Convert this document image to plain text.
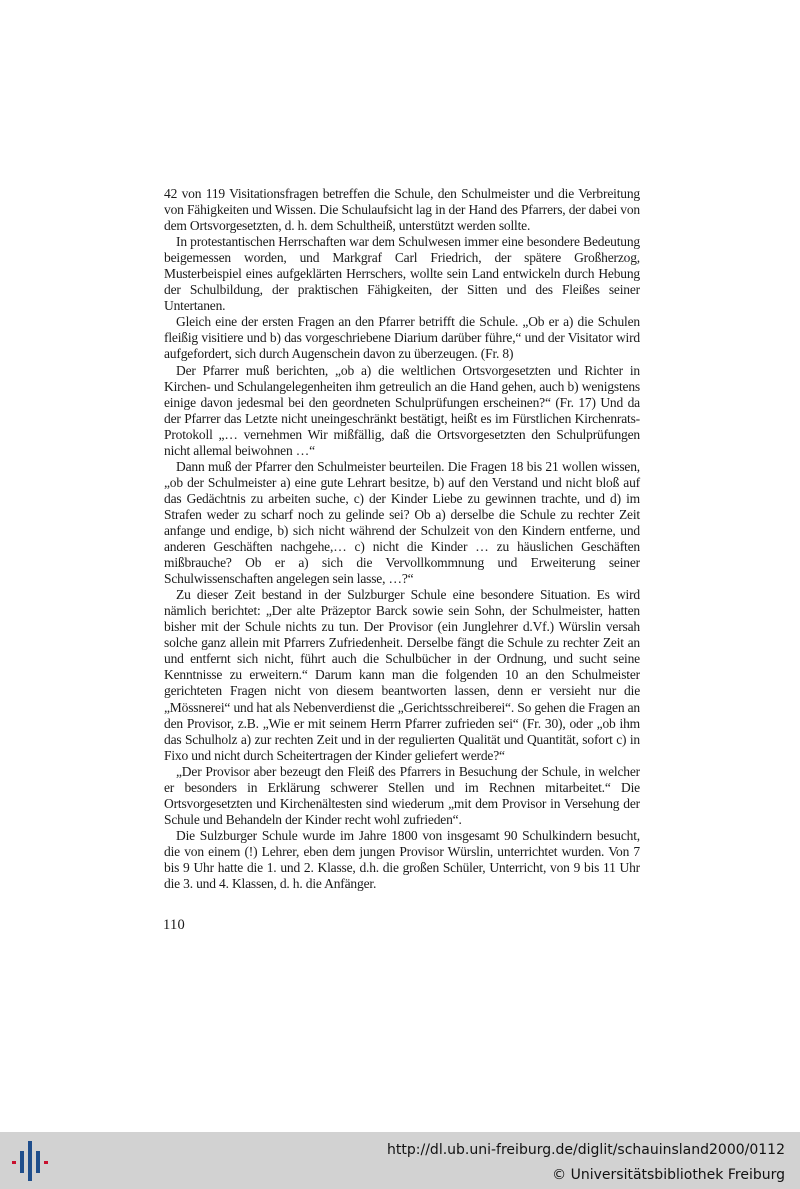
42 von 119 Visitationsfragen betreffen die Schule, den Schulmeister und die Verbreitung von Fähigkeiten und Wissen. Die Schulaufsicht lag in der Hand des Pfarrers, der dabei von dem Ortsvorgesetzten, d. h. dem Schultheiß, unterstützt werden sollte.

In protestantischen Herrschaften war dem Schulwesen immer eine besondere Bedeutung beigemessen worden, und Markgraf Carl Friedrich, der spätere Großherzog, Musterbeispiel eines aufgeklärten Herrschers, wollte sein Land entwickeln durch Hebung der Schulbildung, der praktischen Fähigkeiten, der Sitten und des Fleißes seiner Untertanen.

Gleich eine der ersten Fragen an den Pfarrer betrifft die Schule. „Ob er a) die Schulen fleißig visitiere und b) das vorgeschriebene Diarium darüber führe,“ und der Visitator wird aufgefordert, sich durch Augenschein davon zu überzeugen. (Fr. 8)

Der Pfarrer muß berichten, „ob a) die weltlichen Ortsvorgesetzten und Richter in Kirchen- und Schulangelegenheiten ihm getreulich an die Hand gehen, auch b) wenigstens einige davon jedesmal bei den geordneten Schulprüfungen erscheinen?“ (Fr. 17) Und da der Pfarrer das Letzte nicht uneingeschränkt bestätigt, heißt es im Fürstlichen Kirchenrats-Protokoll „… vernehmen Wir mißfällig, daß die Ortsvorgesetzten den Schulprüfungen nicht allemal beiwohnen …“

Dann muß der Pfarrer den Schulmeister beurteilen. Die Fragen 18 bis 21 wollen wissen, „ob der Schulmeister a) eine gute Lehrart besitze, b) auf den Verstand und nicht bloß auf das Gedächtnis zu arbeiten suche, c) der Kinder Liebe zu gewinnen trachte, und d) im Strafen weder zu scharf noch zu gelinde sei? Ob a) derselbe die Schule zu rechter Zeit anfange und endige, b) sich nicht während der Schulzeit von den Kindern entferne, und anderen Geschäften nachgehe,… c) nicht die Kinder … zu häuslichen Geschäften mißbrauche? Ob er a) sich die Vervollkommnung und Erweiterung seiner Schulwissenschaften angelegen sein lasse, …?“

Zu dieser Zeit bestand in der Sulzburger Schule eine besondere Situation. Es wird nämlich berichtet: „Der alte Präzeptor Barck sowie sein Sohn, der Schulmeister, hatten bisher mit der Schule nichts zu tun. Der Provisor (ein Junglehrer d.Vf.) Würslin versah solche ganz allein mit Pfarrers Zufriedenheit. Derselbe fängt die Schule zu rechter Zeit an und entfernt sich nicht, führt auch die Schulbücher in der Ordnung, und sucht seine Kenntnisse zu erweitern.“ Darum kann man die folgenden 10 an den Schulmeister gerichteten Fragen nicht von diesem beantworten lassen, denn er versieht nur die „Mössnerei“ und hat als Nebenverdienst die „Gerichtsschreiberei“. So gehen die Fragen an den Provisor, z.B. „Wie er mit seinem Herrn Pfarrer zufrieden sei“ (Fr. 30), oder „ob ihm das Schulholz a) zur rechten Zeit und in der regulierten Qualität und Quantität, sofort c) in Fixo und nicht durch Scheitertragen der Kinder geliefert werde?“

„Der Provisor aber bezeugt den Fleiß des Pfarrers in Besuchung der Schule, in welcher er besonders in Erklärung schwerer Stellen und im Rechnen mitarbeitet.“ Die Ortsvorgesetzten und Kirchenältesten sind wiederum „mit dem Provisor in Versehung der Schule und Behandeln der Kinder recht wohl zufrieden“.

Die Sulzburger Schule wurde im Jahre 1800 von insgesamt 90 Schulkindern besucht, die von einem (!) Lehrer, eben dem jungen Provisor Würslin, unterrichtet wurden. Von 7 bis 9 Uhr hatte die 1. und 2. Klasse, d.h. die großen Schüler, Unterricht, von 9 bis 11 Uhr die 3. und 4. Klassen, d. h. die Anfänger.

110
http://dl.ub.uni-freiburg.de/diglit/schauinsland2000/0112
© Universitätsbibliothek Freiburg
